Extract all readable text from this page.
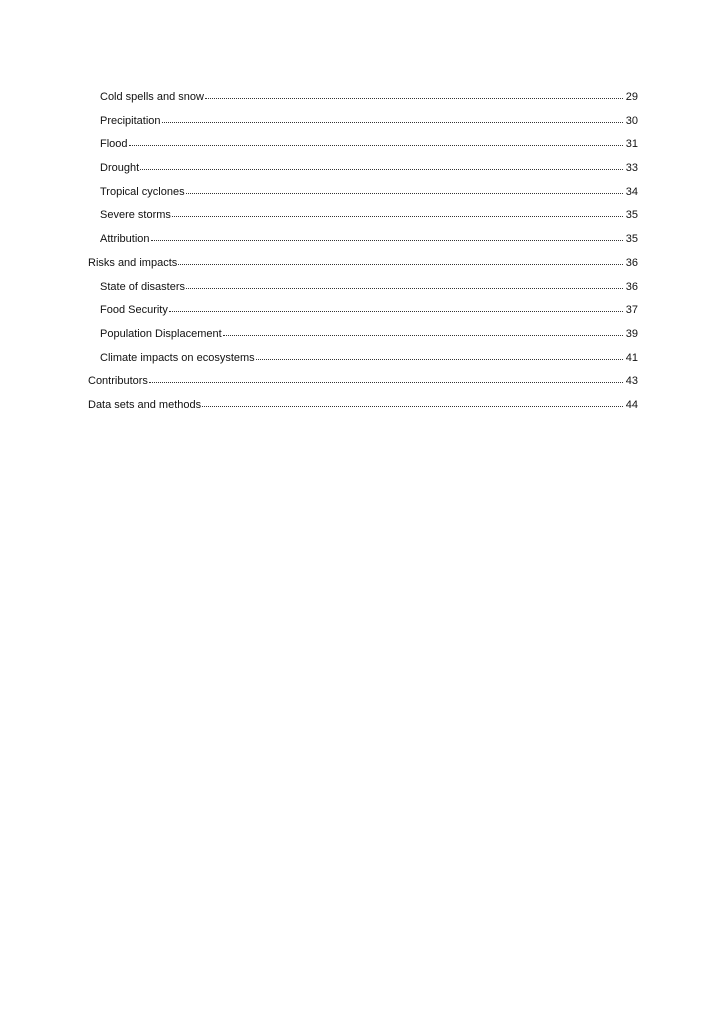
Cold spells and snow	29
Precipitation	30
Flood	31
Drought	33
Tropical cyclones	34
Severe storms	35
Attribution	35
Risks and impacts	36
State of disasters	36
Food Security	37
Population Displacement	39
Climate impacts on ecosystems	41
Contributors	43
Data sets and methods	44
